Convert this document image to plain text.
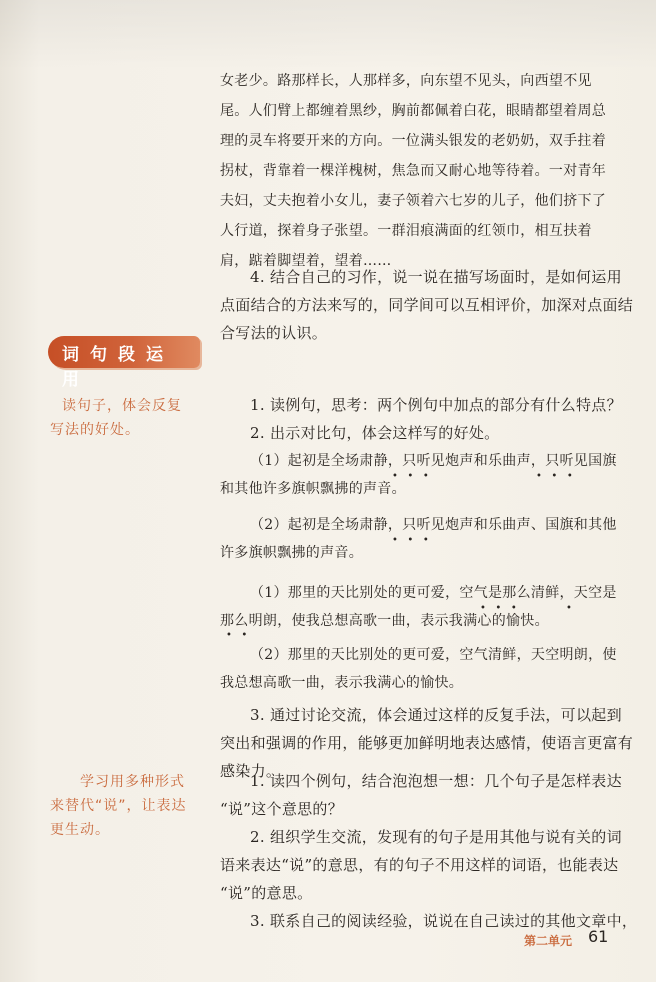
女老少。路那样长，人那样多，向东望不见头，向西望不见

尾。人们臂上都缠着黑纱，胸前都佩着白花，眼睛都望着周总

理的灵车将要开来的方向。一位满头银发的老奶奶，双手拄着

拐杖，背靠着一棵洋槐树，焦急而又耐心地等待着。一对青年

夫妇，丈夫抱着小女儿，妻子领着六七岁的儿子，他们挤下了

人行道，探着身子张望。一群泪痕满面的红领巾，相互扶着

肩，踮着脚望着，望着……

4. 结合自己的习作，说一说在描写场面时，是如何运用

点面结合的方法来写的，同学间可以互相评价，加深对点面结

合写法的认识。

词句段运用

读句子，体会反复

写法的好处。

1. 读例句，思考：两个例句中加点的部分有什么特点？

2. 出示对比句，体会这样写的好处。

（1）起初是全场肃静，只听见炮声和乐曲声，只听见国旗

•   •   •	•   •   •

和其他许多旗帜飘拂的声音。

（2）起初是全场肃静，只听见炮声和乐曲声、国旗和其他

•   •   •

许多旗帜飘拂的声音。

（1）那里的天比别处的更可爱，空气是那么清鲜，天空是

•   •   •	•
•   •

那么明朗，使我总想高歌一曲，表示我满心的愉快。

（2）那里的天比别处的更可爱，空气清鲜，天空明朗，使

我总想高歌一曲，表示我满心的愉快。

3. 通过讨论交流，体会通过这样的反复手法，可以起到

突出和强调的作用，能够更加鲜明地表达感情，使语言更富有

感染力。

学习用多种形式

来替代“说”，让表达

更生动。

1. 读四个例句，结合泡泡想一想：几个句子是怎样表达

“说”这个意思的？

2. 组织学生交流，发现有的句子是用其他与说有关的词

语来表达“说”的意思，有的句子不用这样的词语，也能表达

“说”的意思。

3. 联系自己的阅读经验，说说在自己读过的其他文章中，

第二单元 61
